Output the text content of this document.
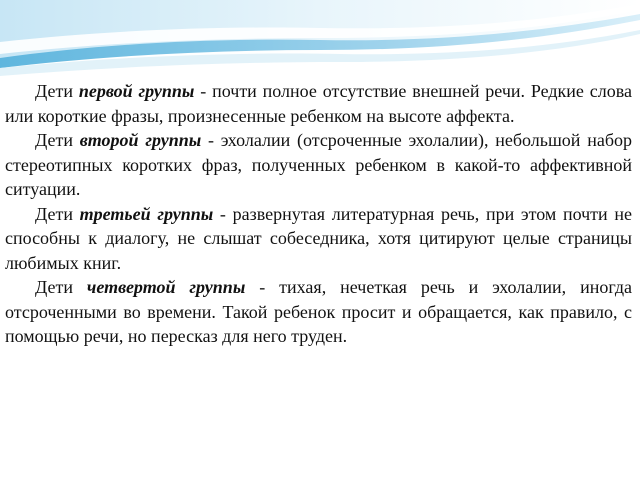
Дети первой группы - почти полное отсутствие внешней речи. Редкие слова или короткие фразы, произнесенные ребенком на высоте аффекта.

Дети второй группы - эхолалии (отсроченные эхолалии), небольшой набор стереотипных коротких фраз, полученных ребенком в какой-то аффективной ситуации.

Дети третьей группы - развернутая литературная речь, при этом почти не способны к диалогу, не слышат собеседника, хотя цитируют целые страницы любимых книг.

Дети четвертой группы - тихая, нечеткая речь и эхолалии, иногда отсроченными во времени. Такой ребенок просит и обращается, как правило, с помощью речи, но пересказ для него труден.
